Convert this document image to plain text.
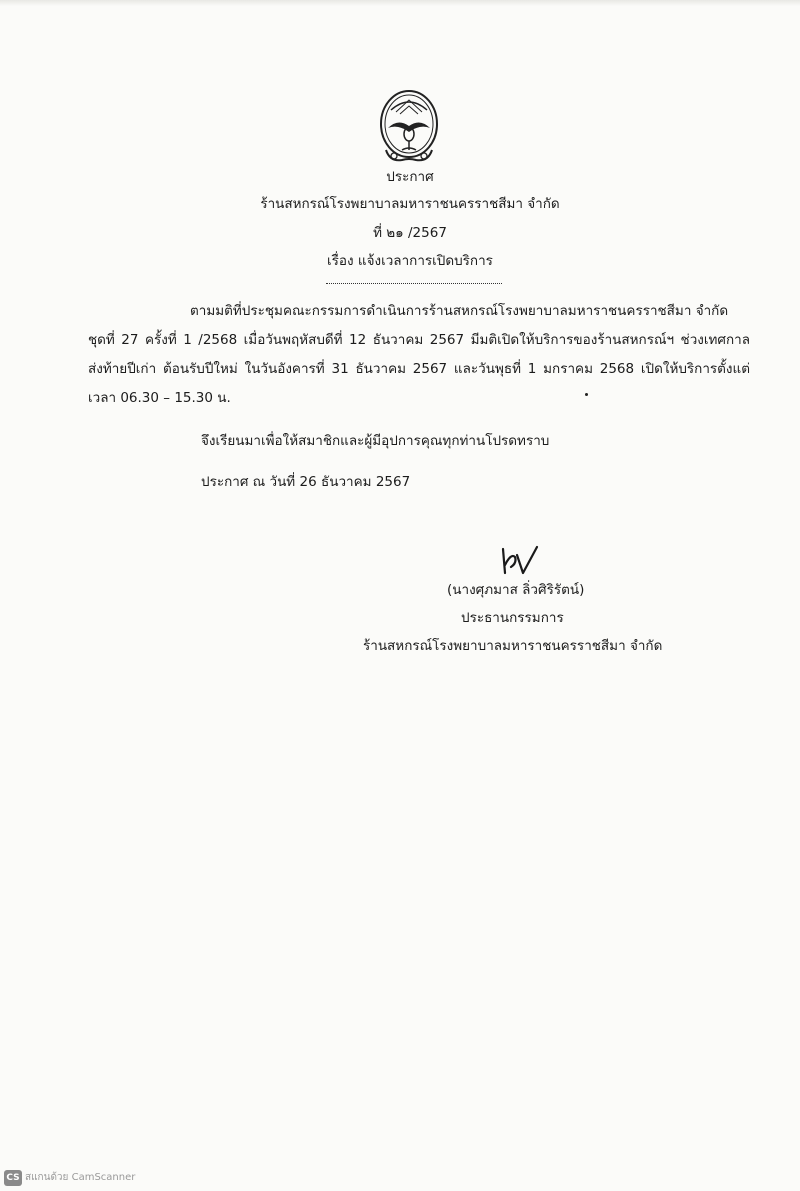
ประกาศ
ร้านสหกรณ์โรงพยาบาลมหาราชนครราชสีมา จำกัด
ที่ ๒๑ /2567
เรื่อง แจ้งเวลาการเปิดบริการ
ตามมติที่ประชุมคณะกรรมการดำเนินการร้านสหกรณ์โรงพยาบาลมหาราชนครราชสีมา จำกัด
ชุดที่ 27 ครั้งที่ 1 /2568 เมื่อวันพฤหัสบดีที่ 12 ธันวาคม 2567 มีมติเปิดให้บริการของร้านสหกรณ์ฯ ช่วงเทศกาล
ส่งท้ายปีเก่า ต้อนรับปีใหม่ ในวันอังคารที่ 31 ธันวาคม 2567 และวันพุธที่ 1 มกราคม 2568 เปิดให้บริการตั้งแต่
เวลา 06.30 – 15.30 น.
จึงเรียนมาเพื่อให้สมาชิกและผู้มีอุปการคุณทุกท่านโปรดทราบ
ประกาศ ณ วันที่ 26 ธันวาคม 2567
(นางศุภมาส ลิ่วศิริรัตน์)
ประธานกรรมการ
ร้านสหกรณ์โรงพยาบาลมหาราชนครราชสีมา จำกัด
CS สแกนด้วย CamScanner
